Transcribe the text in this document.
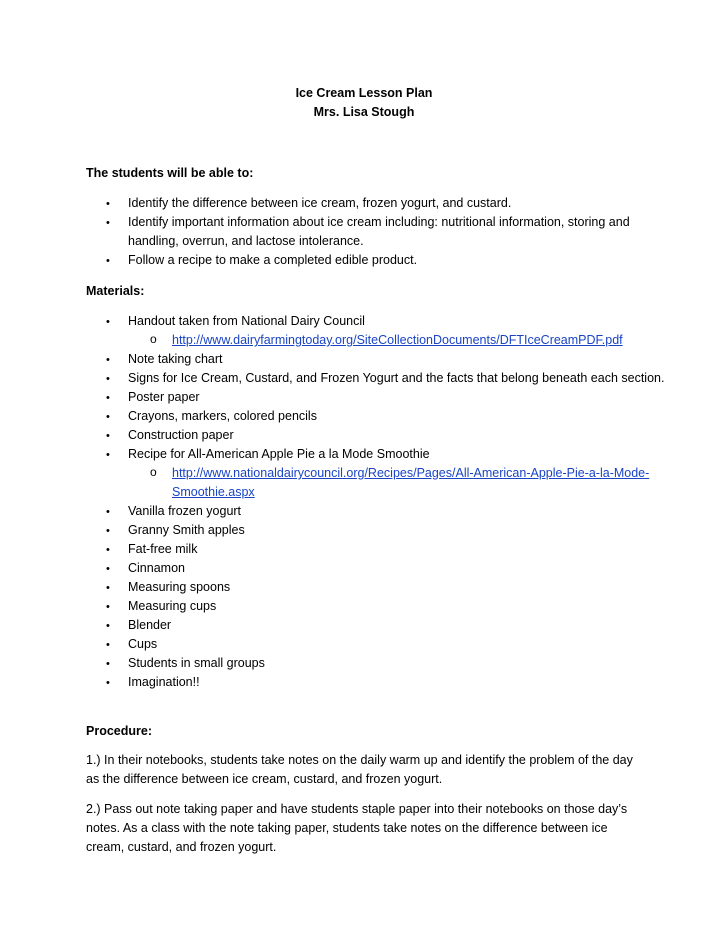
Ice Cream Lesson Plan
Mrs. Lisa Stough
The students will be able to:
• Identify the difference between ice cream, frozen yogurt, and custard.
• Identify important information about ice cream including: nutritional information, storing and
handling, overrun, and lactose intolerance.
• Follow a recipe to make a completed edible product.
Materials:
• Handout taken from National Dairy Council
o http://www.dairyfarmingtoday.org/SiteCollectionDocuments/DFTIceCreamPDF.pdf
• Note taking chart
• Signs for Ice Cream, Custard, and Frozen Yogurt and the facts that belong beneath each section.
• Poster paper
• Crayons, markers, colored pencils
• Construction paper
• Recipe for All-American Apple Pie a la Mode Smoothie
o http://www.nationaldairycouncil.org/Recipes/Pages/All-American-Apple-Pie-a-la-Mode-
Smoothie.aspx
• Vanilla frozen yogurt
• Granny Smith apples
• Fat-free milk
• Cinnamon
• Measuring spoons
• Measuring cups
• Blender
• Cups
• Students in small groups
• Imagination!!
Procedure:
1.) In their notebooks, students take notes on the daily warm up and identify the problem of the day as the difference between ice cream, custard, and frozen yogurt.
2.) Pass out note taking paper and have students staple paper into their notebooks on those day’s notes. As a class with the note taking paper, students take notes on the difference between ice cream, custard, and frozen yogurt.
